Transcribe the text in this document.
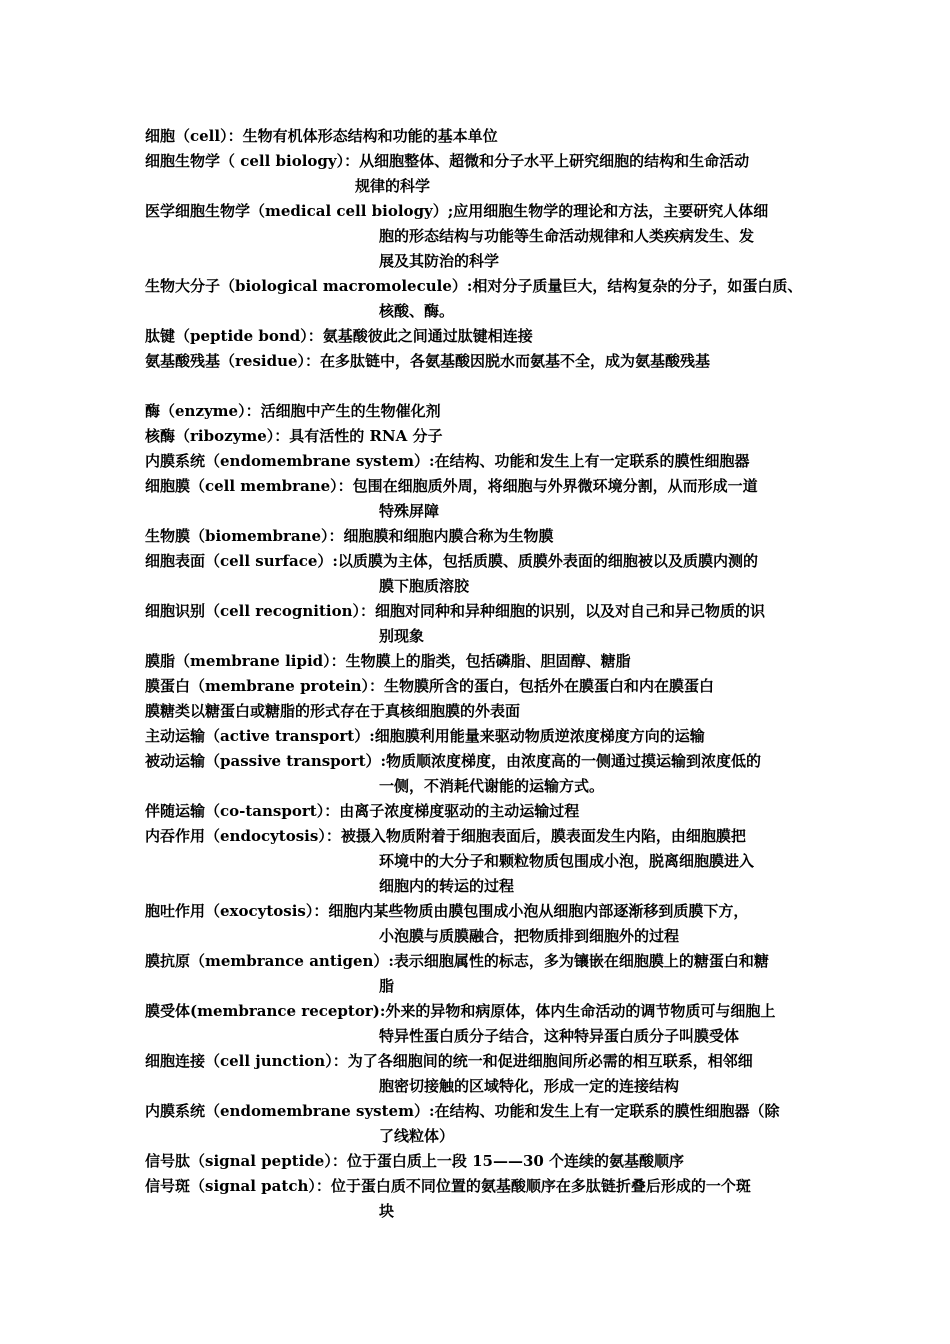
细胞（cell）：生物有机体形态结构和功能的基本单位
细胞生物学（ cell biology）：从细胞整体、超微和分子水平上研究细胞的结构和生命活动
规律的科学
医学细胞生物学（medical cell biology）;应用细胞生物学的理论和方法，主要研究人体细
胞的形态结构与功能等生命活动规律和人类疾病发生、发
展及其防治的科学
生物大分子（biological macromolecule）:相对分子质量巨大，结构复杂的分子，如蛋白质、
核酸、酶。
肽键（peptide bond）：氨基酸彼此之间通过肽键相连接
氨基酸残基（residue）：在多肽链中，各氨基酸因脱水而氨基不全，成为氨基酸残基
酶（enzyme）：活细胞中产生的生物催化剂
核酶（ribozyme）：具有活性的 RNA 分子
内膜系统（endomembrane system）:在结构、功能和发生上有一定联系的膜性细胞器
细胞膜（cell membrane）：包围在细胞质外周，将细胞与外界微环境分割，从而形成一道
特殊屏障
生物膜（biomembrane）：细胞膜和细胞内膜合称为生物膜
细胞表面（cell surface）:以质膜为主体，包括质膜、质膜外表面的细胞被以及质膜内测的
膜下胞质溶胶
细胞识别（cell recognition）：细胞对同种和异种细胞的识别，以及对自己和异己物质的识
别现象
膜脂（membrane lipid）：生物膜上的脂类，包括磷脂、胆固醇、糖脂
膜蛋白（membrane protein）：生物膜所含的蛋白，包括外在膜蛋白和内在膜蛋白
膜糖类以糖蛋白或糖脂的形式存在于真核细胞膜的外表面
主动运输（active transport）:细胞膜利用能量来驱动物质逆浓度梯度方向的运输
被动运输（passive transport）:物质顺浓度梯度，由浓度高的一侧通过摸运输到浓度低的
一侧，不消耗代谢能的运输方式。
伴随运输（co-tansport）：由离子浓度梯度驱动的主动运输过程
内吞作用（endocytosis）：被摄入物质附着于细胞表面后，膜表面发生内陷，由细胞膜把
环境中的大分子和颗粒物质包围成小泡，脱离细胞膜进入
细胞内的转运的过程
胞吐作用（exocytosis）：细胞内某些物质由膜包围成小泡从细胞内部逐渐移到质膜下方，
小泡膜与质膜融合，把物质排到细胞外的过程
膜抗原（membrance antigen）:表示细胞属性的标志，多为镶嵌在细胞膜上的糖蛋白和糖
脂
膜受体(membrance receptor):外来的异物和病原体，体内生命活动的调节物质可与细胞上
特异性蛋白质分子结合，这种特异蛋白质分子叫膜受体
细胞连接（cell junction）：为了各细胞间的统一和促进细胞间所必需的相互联系，相邻细
胞密切接触的区域特化，形成一定的连接结构
内膜系统（endomembrane system）:在结构、功能和发生上有一定联系的膜性细胞器（除
了线粒体）
信号肽（signal peptide）：位于蛋白质上一段 15——30 个连续的氨基酸顺序
信号斑（signal patch）：位于蛋白质不同位置的氨基酸顺序在多肽链折叠后形成的一个斑
块
